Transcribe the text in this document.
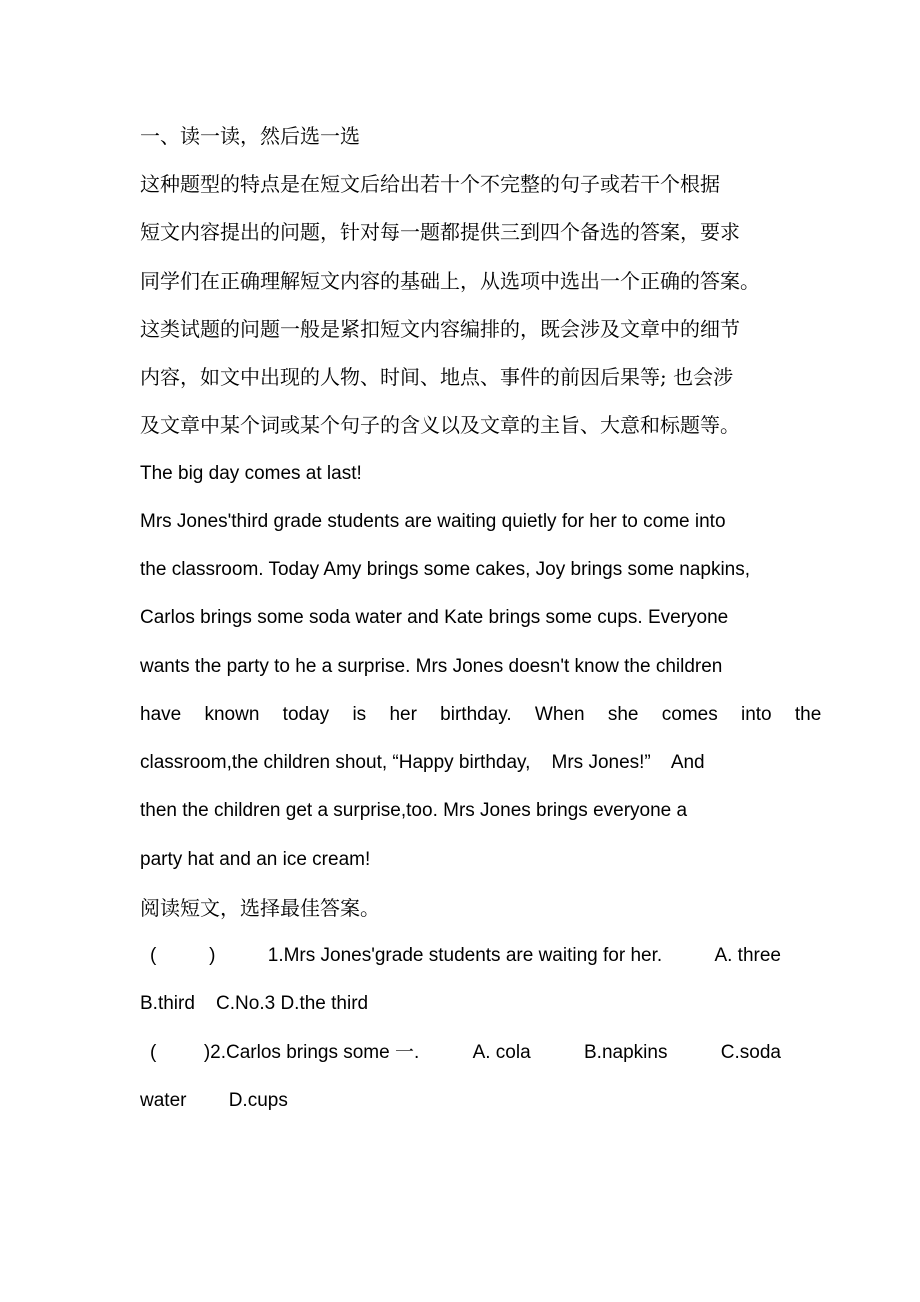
一、读一读，然后选一选
这种题型的特点是在短文后给出若十个不完整的句子或若干个根据
短文内容提出的问题，针对每一题都提供三到四个备选的答案，要求
同学们在正确理解短文内容的基础上，从选项中选出一个正确的答案。
这类试题的问题一般是紧扣短文内容编排的，既会涉及文章中的细节
内容，如文中出现的人物、时间、地点、事件的前因后果等; 也会涉
及文章中某个词或某个句子的含义以及文章的主旨、大意和标题等。
The big day comes at last!
Mrs Jones'third grade students are waiting quietly for her to come into
the classroom. Today Amy brings some cakes, Joy brings some napkins,
Carlos brings some soda water and Kate brings some cups. Everyone
wants the party to he a surprise. Mrs Jones doesn't know the children
have known today is her birthday. When she comes into the
classroom,the children shout, “Happy birthday,    Mrs Jones!”    And
then the children get a surprise,too. Mrs Jones brings everyone a
party hat and an ice cream!
阅读短文，选择最佳答案。
(          )	1.Mrs Jones'grade students are waiting for her.	A. three
B.third    C.No.3 D.the third
(         )2.Carlos brings some 一.	A. cola	B.napkins	C.soda
water        D.cups
